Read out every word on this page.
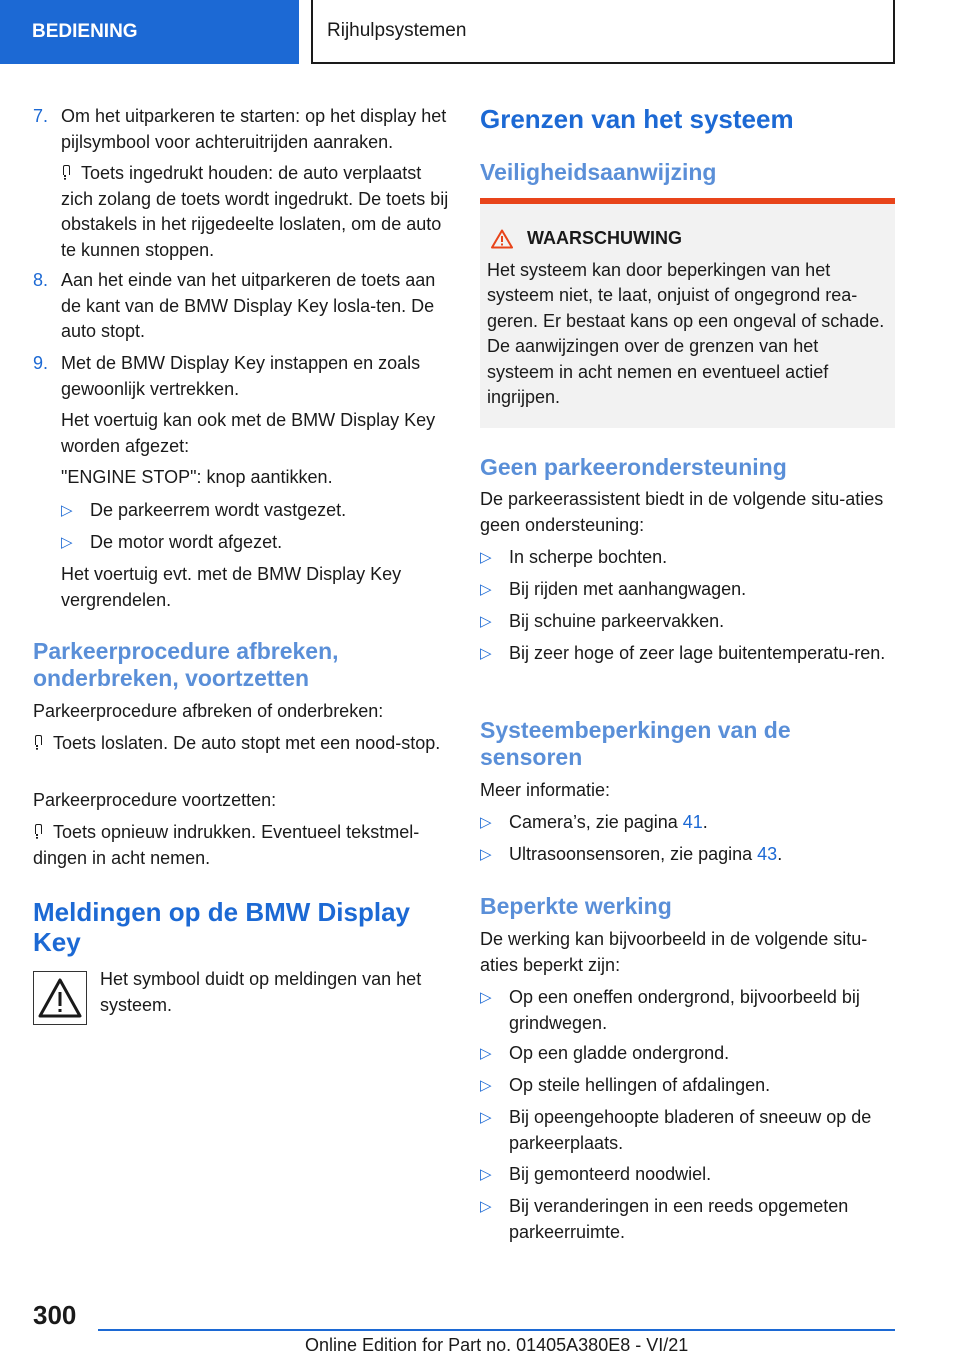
BEDIENING	Rijhulpsystemen
7. Om het uitparkeren te starten: op het display het pijlsymbool voor achteruitrijden aanraken.

Toets ingedrukt houden: de auto verplaatst zich zolang de toets wordt ingedrukt. De toets bij obstakels in het rijgedeelte loslaten, om de auto te kunnen stoppen.

8. Aan het einde van het uitparkeren de toets aan de kant van de BMW Display Key losla-ten. De auto stopt.

9. Met de BMW Display Key instappen en zoals gewoonlijk vertrekken.

Het voertuig kan ook met de BMW Display Key worden afgezet:

"ENGINE STOP": knop aantikken.

▷ De parkeerrem wordt vastgezet.
▷ De motor wordt afgezet.

Het voertuig evt. met de BMW Display Key vergrendelen.

Parkeerprocedure afbreken, onderbreken, voortzetten

Parkeerprocedure afbreken of onderbreken:

Toets loslaten. De auto stopt met een nood-stop.

Parkeerprocedure voortzetten:

Toets opnieuw indrukken. Eventueel tekstmel-dingen in acht nemen.

Meldingen op de BMW Display Key

Het symbool duidt op meldingen van het systeem.

Grenzen van het systeem
Veiligheidsaanwijzing
WAARSCHUWING

Het systeem kan door beperkingen van het systeem niet, te laat, onjuist of ongegrond rea-geren. Er bestaat kans op een ongeval of schade. De aanwijzingen over de grenzen van het systeem in acht nemen en eventueel actief ingrijpen.

Geen parkeerondersteuning

De parkeerassistent biedt in de volgende situ-aties geen ondersteuning:

▷ In scherpe bochten.
▷ Bij rijden met aanhangwagen.
▷ Bij schuine parkeervakken.
▷ Bij zeer hoge of zeer lage buitentemperatu-ren.
Systeembeperkingen van de sensoren

Meer informatie:

▷ Camera’s, zie pagina 41.
▷ Ultrasoonsensoren, zie pagina 43.
Beperkte werking

De werking kan bijvoorbeeld in de volgende situ-aties beperkt zijn:

▷ Op een oneffen ondergrond, bijvoorbeeld bij grindwegen.
▷ Op een gladde ondergrond.
▷ Op steile hellingen of afdalingen.
▷ Bij opeengehoopte bladeren of sneeuw op de parkeerplaats.
▷ Bij gemonteerd noodwiel.
▷ Bij veranderingen in een reeds opgemeten parkeerruimte.
300
Online Edition for Part no. 01405A380E8 - VI/21
